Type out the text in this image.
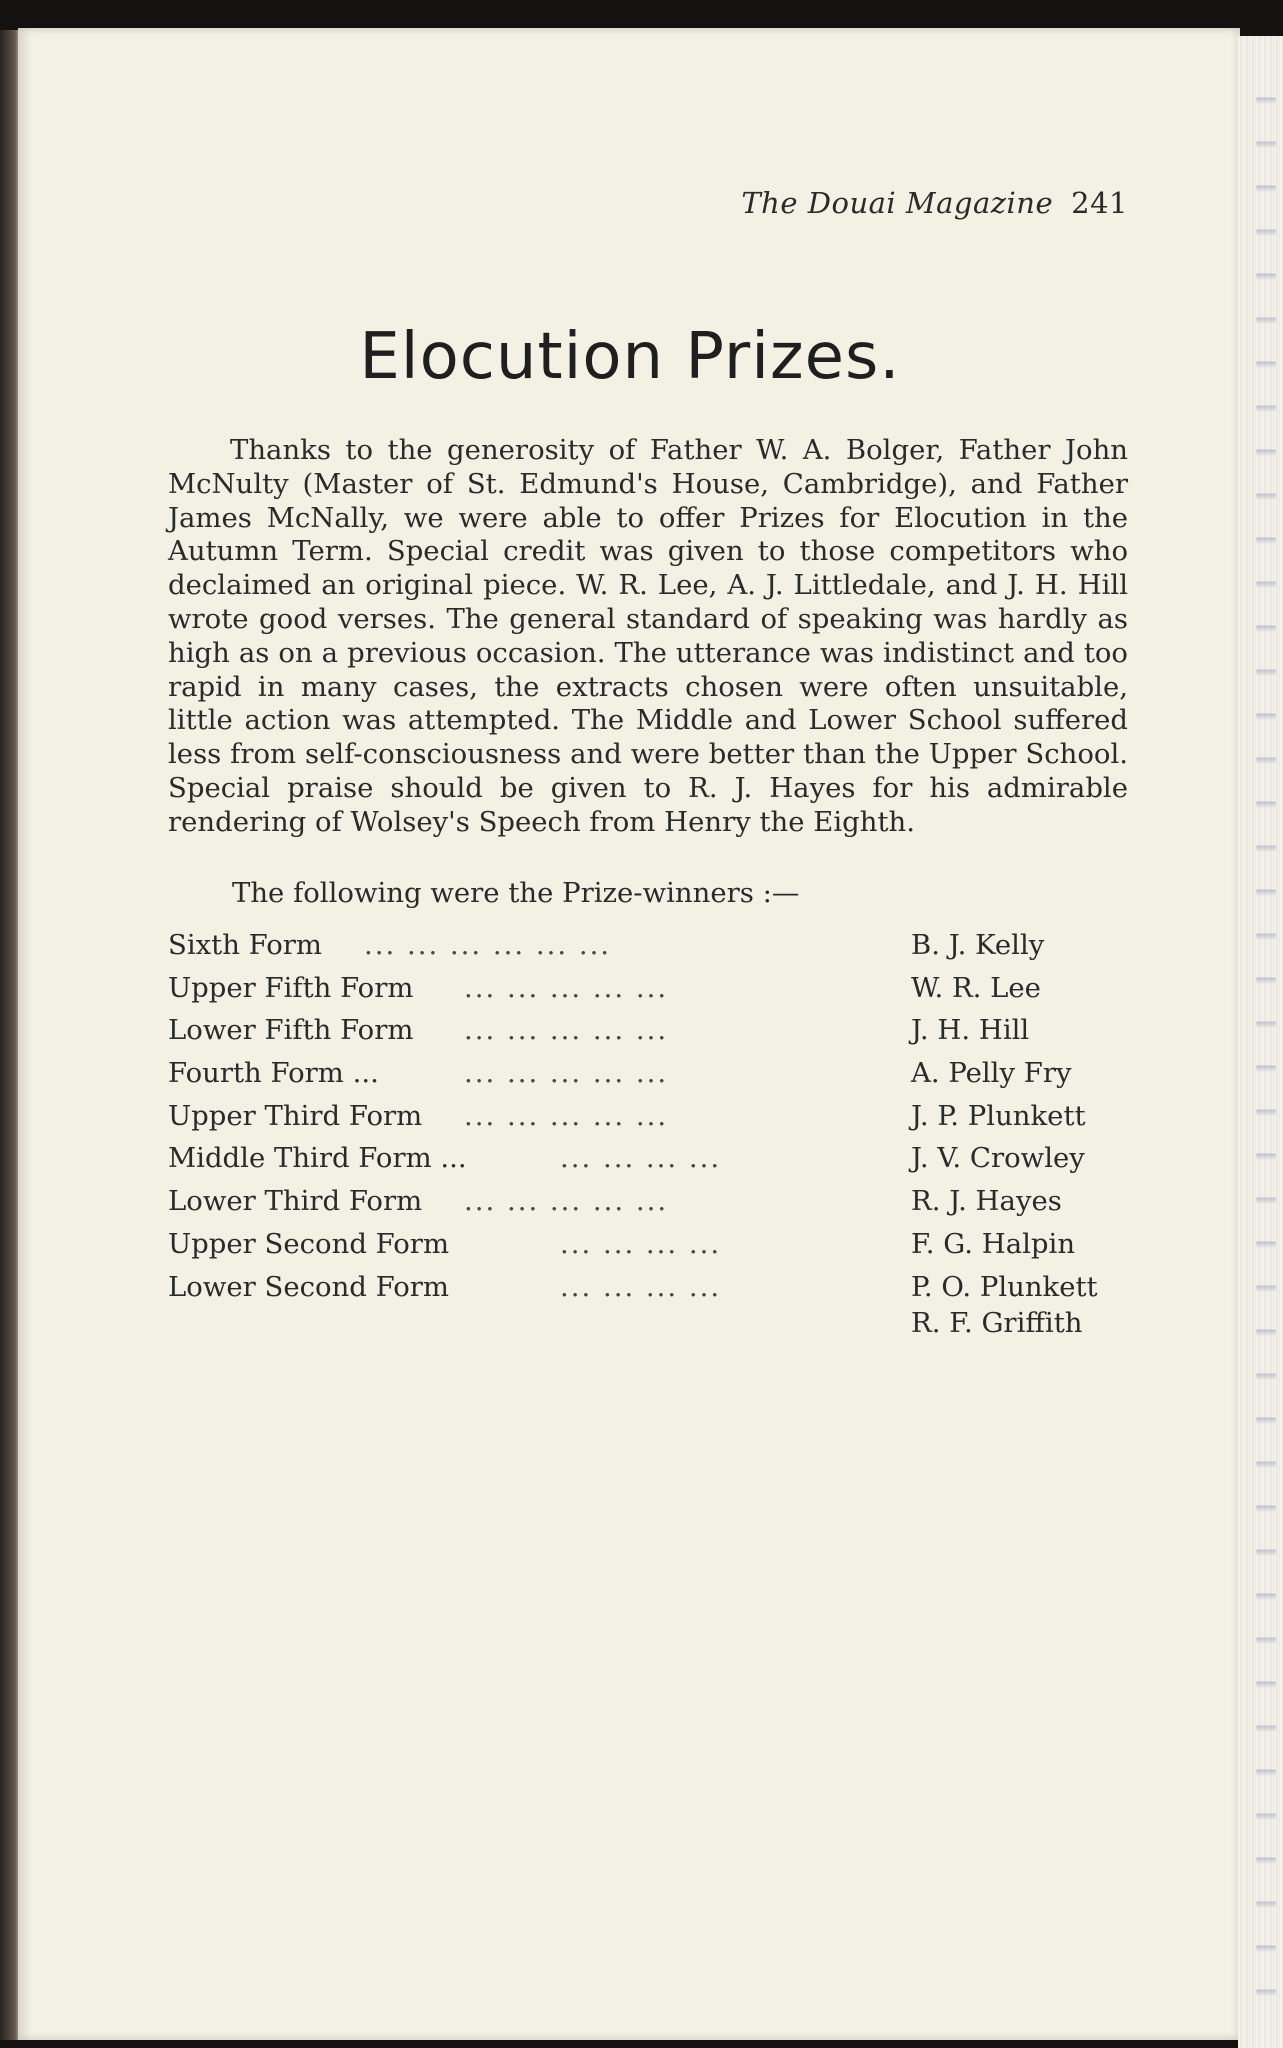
The Douai Magazine 241
Elocution Prizes.

Thanks to the generosity of Father W. A. Bolger, Father John McNulty (Master of St. Edmund's House, Cambridge), and Father James McNally, we were able to offer Prizes for Elocution in the Autumn Term. Special credit was given to those competitors who declaimed an original piece. W. R. Lee, A. J. Littledale, and J. H. Hill wrote good verses. The general standard of speaking was hardly as high as on a previous occasion. The utterance was indistinct and too rapid in many cases, the extracts chosen were often unsuitable, little action was attempted. The Middle and Lower School suffered less from self-consciousness and were better than the Upper School. Special praise should be given to R. J. Hayes for his admirable rendering of Wolsey's Speech from Henry the Eighth.

The following were the Prize-winners :—
Sixth Form ... ... ... ... ... ...	B. J. Kelly
Upper Fifth Form ... ... ... ... ...	W. R. Lee
Lower Fifth Form ... ... ... ... ...	J. H. Hill
Fourth Form ...	... ... ... ... ...	A. Pelly Fry
Upper Third Form ... ... ... ... ...	J. P. Plunkett
Middle Third Form ...	... ... ... ...	J. V. Crowley
Lower Third Form ... ... ... ... ...	R. J. Hayes
Upper Second Form	... ... ... ...	F. G. Halpin
Lower Second Form	... ... ... ...	P. O. Plunkett
R. F. Griffith
